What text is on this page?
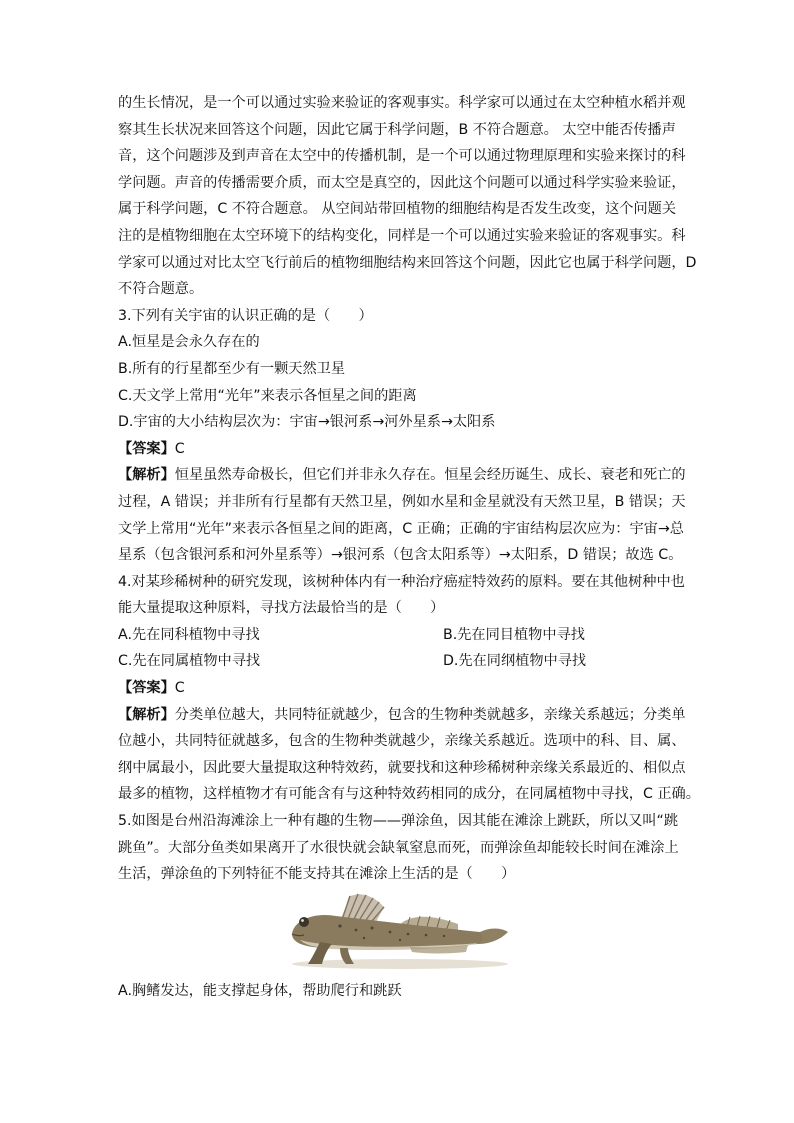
的生长情况，是一个可以通过实验来验证的客观事实。科学家可以通过在太空种植水稻并观
察其生长状况来回答这个问题，因此它属于科学问题，B 不符合题意。 太空中能否传播声
音，这个问题涉及到声音在太空中的传播机制，是一个可以通过物理原理和实验来探讨的科
学问题。声音的传播需要介质，而太空是真空的，因此这个问题可以通过科学实验来验证，
属于科学问题，C 不符合题意。 从空间站带回植物的细胞结构是否发生改变，这个问题关
注的是植物细胞在太空环境下的结构变化，同样是一个可以通过实验来验证的客观事实。科
学家可以通过对比太空飞行前后的植物细胞结构来回答这个问题，因此它也属于科学问题，D
不符合题意。
3.下列有关宇宙的认识正确的是（　　）
A.恒星是会永久存在的
B.所有的行星都至少有一颗天然卫星
C.天文学上常用“光年”来表示各恒星之间的距离
D.宇宙的大小结构层次为：宇宙→银河系→河外星系→太阳系
【答案】C
【解析】恒星虽然寿命极长，但它们并非永久存在。恒星会经历诞生、成长、衰老和死亡的
过程，A 错误；并非所有行星都有天然卫星，例如水星和金星就没有天然卫星，B 错误；天
文学上常用“光年”来表示各恒星之间的距离，C 正确；正确的宇宙结构层次应为：宇宙→总
星系（包含银河系和河外星系等）→银河系（包含太阳系等）→太阳系，D 错误；故选 C。
4.对某珍稀树种的研究发现，该树种体内有一种治疗癌症特效药的原料。要在其他树种中也
能大量提取这种原料，寻找方法最恰当的是（　　）
A.先在同科植物中寻找	B.先在同目植物中寻找
C.先在同属植物中寻找	D.先在同纲植物中寻找
【答案】C
【解析】分类单位越大，共同特征就越少，包含的生物种类就越多，亲缘关系越远；分类单
位越小，共同特征就越多，包含的生物种类就越少，亲缘关系越近。选项中的科、目、属、
纲中属最小，因此要大量提取这种特效药，就要找和这种珍稀树种亲缘关系最近的、相似点
最多的植物，这样植物才有可能含有与这种特效药相同的成分，在同属植物中寻找，C 正确。
5.如图是台州沿海滩涂上一种有趣的生物——弹涂鱼，因其能在滩涂上跳跃，所以又叫“跳
跳鱼”。大部分鱼类如果离开了水很快就会缺氧窒息而死，而弹涂鱼却能较长时间在滩涂上
生活，弹涂鱼的下列特征不能支持其在滩涂上生活的是（　　）
A.胸鳍发达，能支撑起身体，帮助爬行和跳跃
